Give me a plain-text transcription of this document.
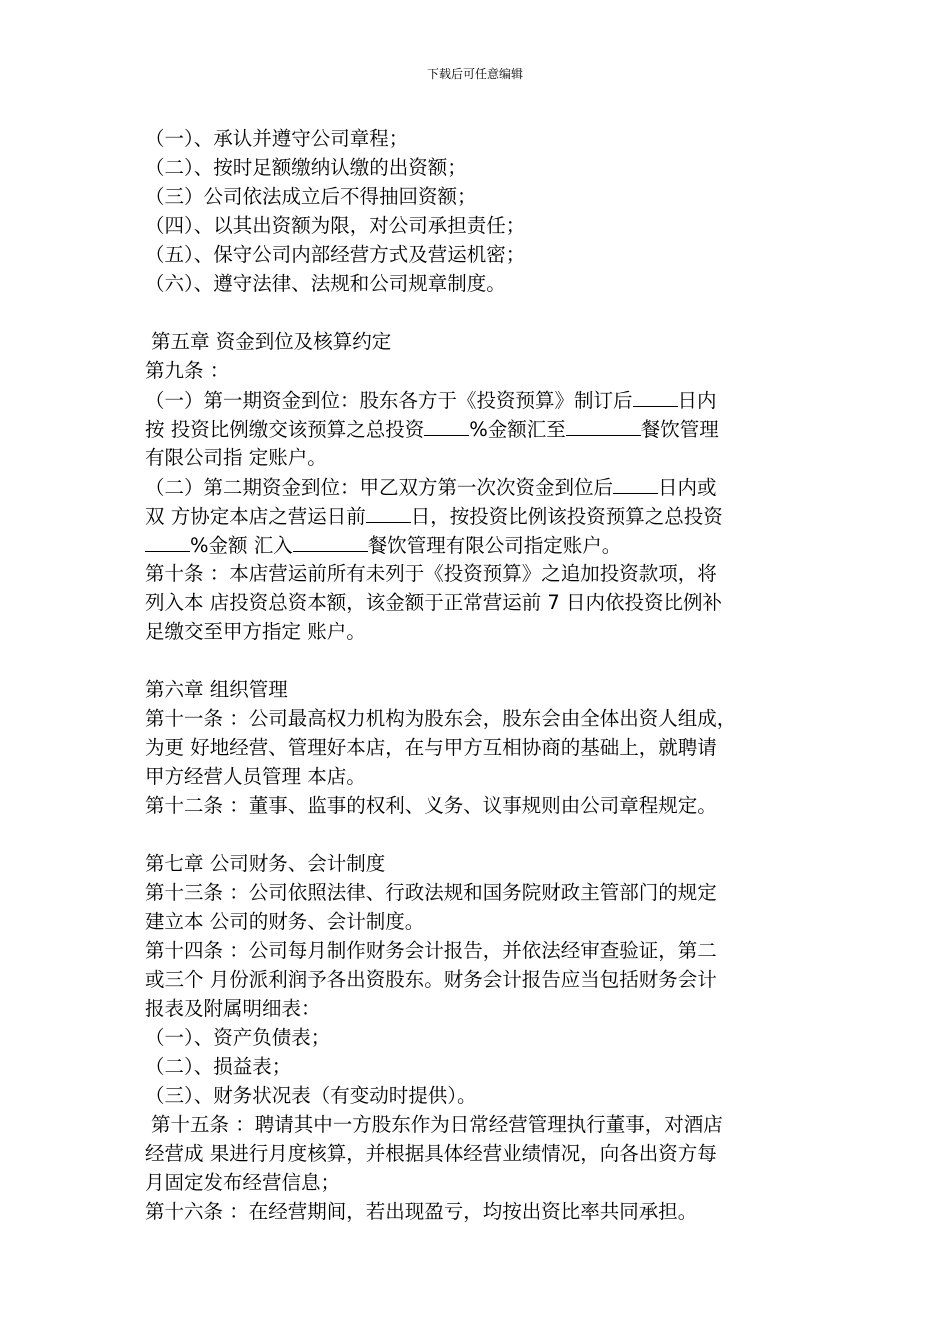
下载后可任意编辑
（一）、承认并遵守公司章程；
（二）、按时足额缴纳认缴的出资额；
（三）公司依法成立后不得抽回资额；
（四）、以其出资额为限，对公司承担责任；
（五）、保守公司内部经营方式及营运机密；
（六）、遵守法律、法规和公司规章制度。
第五章 资金到位及核算约定
第九条 ：
（一）第一期资金到位：股东各方于《投资预算》制订后 日内
按 投资比例缴交该预算之总投资 %金额汇至	餐饮管理
有限公司指 定账户。
（二）第二期资金到位：甲乙双方第一次次资金到位后 日内或
双 方协定本店之营运日前 日，按投资比例该投资预算之总投资
%金额 汇入	餐饮管理有限公司指定账户。
第十条 ：本店营运前所有未列于《投资预算》之追加投资款项，将
列入本 店投资总资本额，该金额于正常营运前 7 日内依投资比例补
足缴交至甲方指定 账户。
第六章 组织管理
第十一条 ：公司最高权力机构为股东会，股东会由全体出资人组成，
为更 好地经营、管理好本店，在与甲方互相协商的基础上，就聘请
甲方经营人员管理 本店。
第十二条 ：董事、监事的权利、义务、议事规则由公司章程规定。
第七章 公司财务、会计制度
第十三条 ：公司依照法律、行政法规和国务院财政主管部门的规定
建立本 公司的财务、会计制度。
第十四条 ：公司每月制作财务会计报告，并依法经审查验证，第二
或三个 月份派利润予各出资股东。财务会计报告应当包括财务会计
报表及附属明细表：
（一）、资产负债表；
（二）、损益表；
（三）、财务状况表（有变动时提供）。
第十五条 ：聘请其中一方股东作为日常经营管理执行董事，对酒店
经营成 果进行月度核算，并根据具体经营业绩情况，向各出资方每
月固定发布经营信息；
第十六条 ：在经营期间，若出现盈亏，均按出资比率共同承担。
